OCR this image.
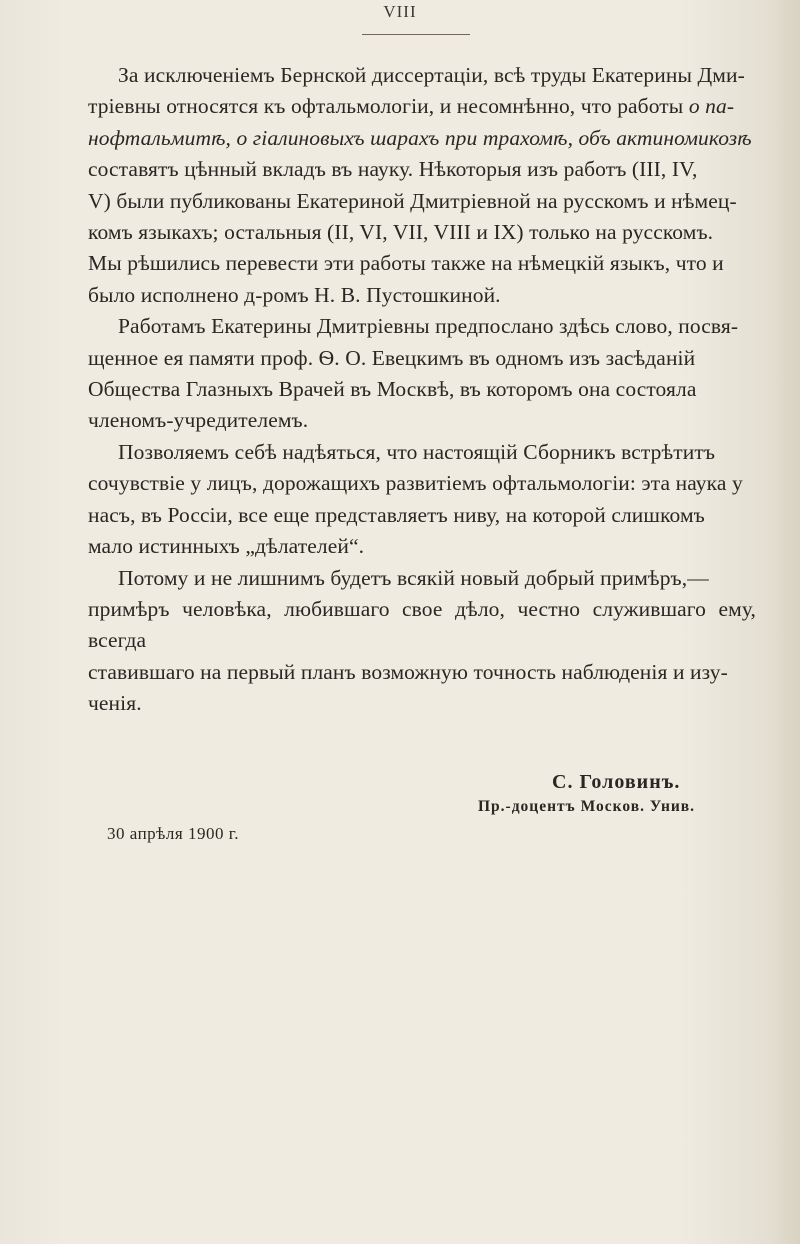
VIII

За исключеніемъ Бернской диссертаціи, всѣ труды Екатерины Дми-
тріевны относятся къ офтальмологіи, и несомнѣнно, что работы о па-
нофтальмитѣ, о гіалиновыхъ шарахъ при трахомѣ, объ актиномикозѣ
составятъ цѣнный вкладъ въ науку. Нѣкоторыя изъ работъ (III, IV,
V) были публикованы Екатериной Дмитріевной на русскомъ и нѣмец-
комъ языкахъ; остальныя (II, VI, VII, VIII и IX) только на русскомъ.
Мы рѣшились перевести эти работы также на нѣмецкій языкъ, что и
было исполнено д-ромъ Н. В. Пустошкиной.

Работамъ Екатерины Дмитріевны предпослано здѣсь слово, посвя-
щенное ея памяти проф. Ѳ. О. Евецкимъ въ одномъ изъ засѣданій
Общества Глазныхъ Врачей въ Москвѣ, въ которомъ она состояла
членомъ-учредителемъ.

Позволяемъ себѣ надѣяться, что настоящій Сборникъ встрѣтитъ
сочувствіе у лицъ, дорожащихъ развитіемъ офтальмологіи: эта наука у
насъ, въ Россіи, все еще представляетъ ниву, на которой слишкомъ
мало истинныхъ „дѣлателей“.

Потому и не лишнимъ будетъ всякій новый добрый примѣръ,—
примѣръ человѣка, любившаго свое дѣло, честно служившаго ему, всегда
ставившаго на первый планъ возможную точность наблюденія и изу-
ченія.

С. Головинъ.
Пр.-доцентъ Москов. Унив.
30 апрѣля 1900 г.
